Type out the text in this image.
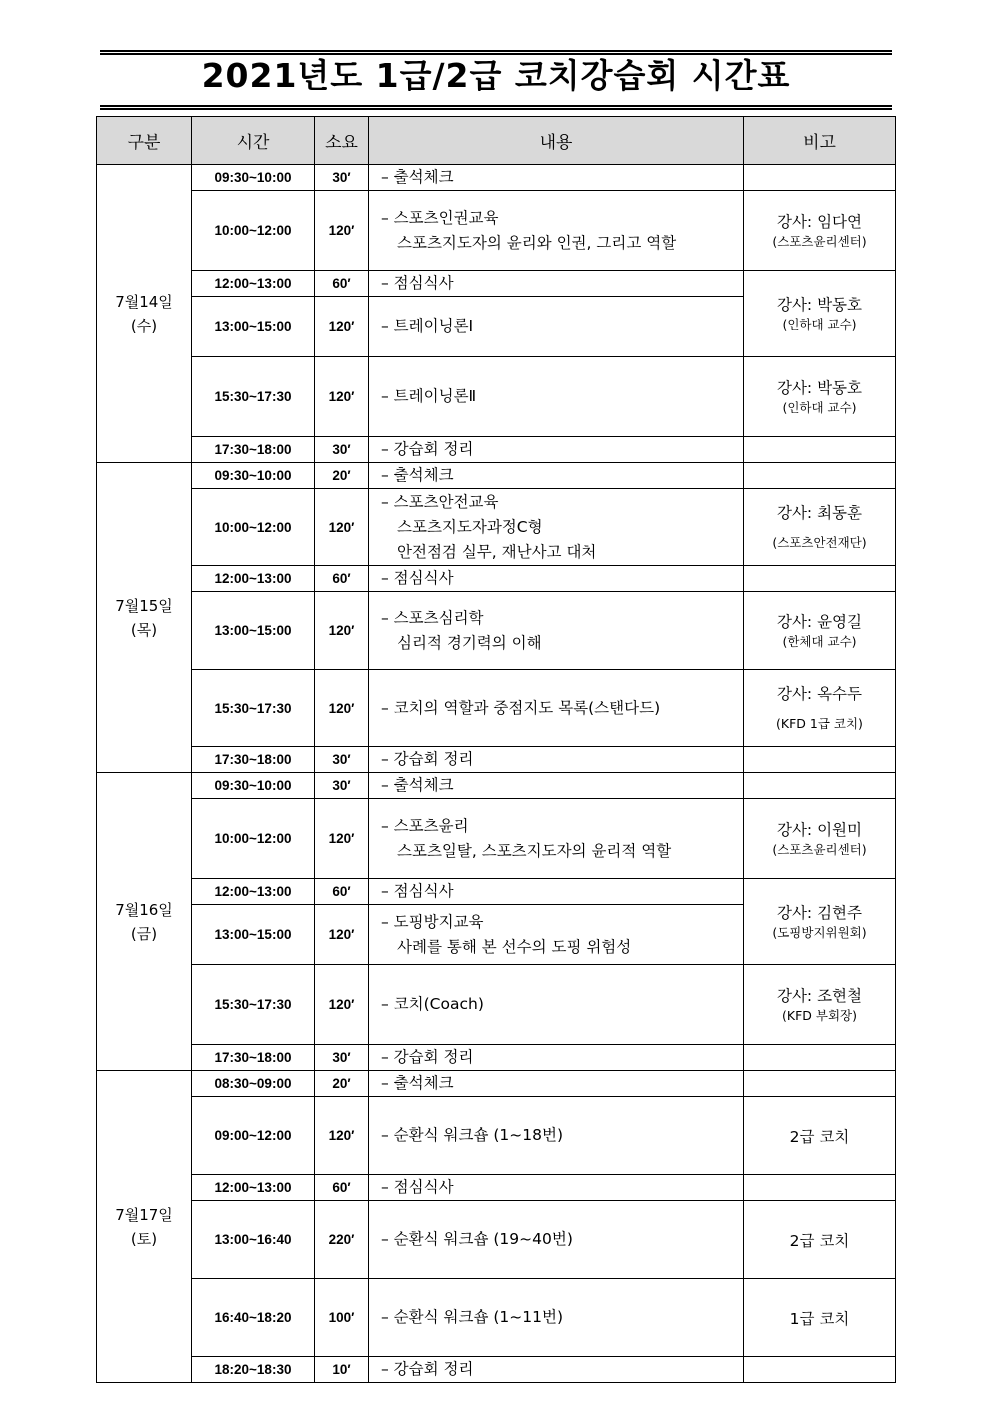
2021년도 1급/2급 코치강습회 시간표
구분	시간	소요	내용	비고

7월14일
(수)	09:30~10:00	30′	– 출석체크	

	10:00~12:00	120′	– 스포츠인권교육
스포츠지도자의 윤리와 인권, 그리고 역할	강사: 임다연
(스포츠윤리센터)

	12:00~13:00	60′	– 점심식사	강사: 박동호
(인하대 교수)

	13:00~15:00	120′	– 트레이닝론Ⅰ	

	15:30~17:30	120′	– 트레이닝론Ⅱ	강사: 박동호
(인하대 교수)

	17:30~18:00	30′	– 강습회 정리	

7월15일
(목)	09:30~10:00	20′	– 출석체크	

	10:00~12:00	120′	– 스포츠안전교육
스포츠지도자과정C형
안전점검 실무, 재난사고 대처	강사: 최동훈
(스포츠안전재단)

	12:00~13:00	60′	– 점심식사	

	13:00~15:00	120′	– 스포츠심리학
심리적 경기력의 이해	강사: 윤영길
(한체대 교수)

	15:30~17:30	120′	– 코치의 역할과 중점지도 목록(스탠다드)	강사: 옥수두
(KFD 1급 코치)

	17:30~18:00	30′	– 강습회 정리	

7월16일
(금)	09:30~10:00	30′	– 출석체크	

	10:00~12:00	120′	– 스포츠윤리
스포츠일탈, 스포츠지도자의 윤리적 역할	강사: 이원미
(스포츠윤리센터)

	12:00~13:00	60′	– 점심식사	강사: 김현주
(도핑방지위원회)

	13:00~15:00	120′	– 도핑방지교육
사례를 통해 본 선수의 도핑 위험성	

	15:30~17:30	120′	– 코치(Coach)	강사: 조현철
(KFD 부회장)

	17:30~18:00	30′	– 강습회 정리	

7월17일
(토)	08:30~09:00	20′	– 출석체크	

	09:00~12:00	120′	– 순환식 워크숍 (1~18번)	2급 코치
	12:00~13:00	60′	– 점심식사	

	13:00~16:40	220′	– 순환식 워크숍 (19~40번)	2급 코치
	16:40~18:20	100′	– 순환식 워크숍 (1~11번)	1급 코치
	18:20~18:30	10′	– 강습회 정리	
